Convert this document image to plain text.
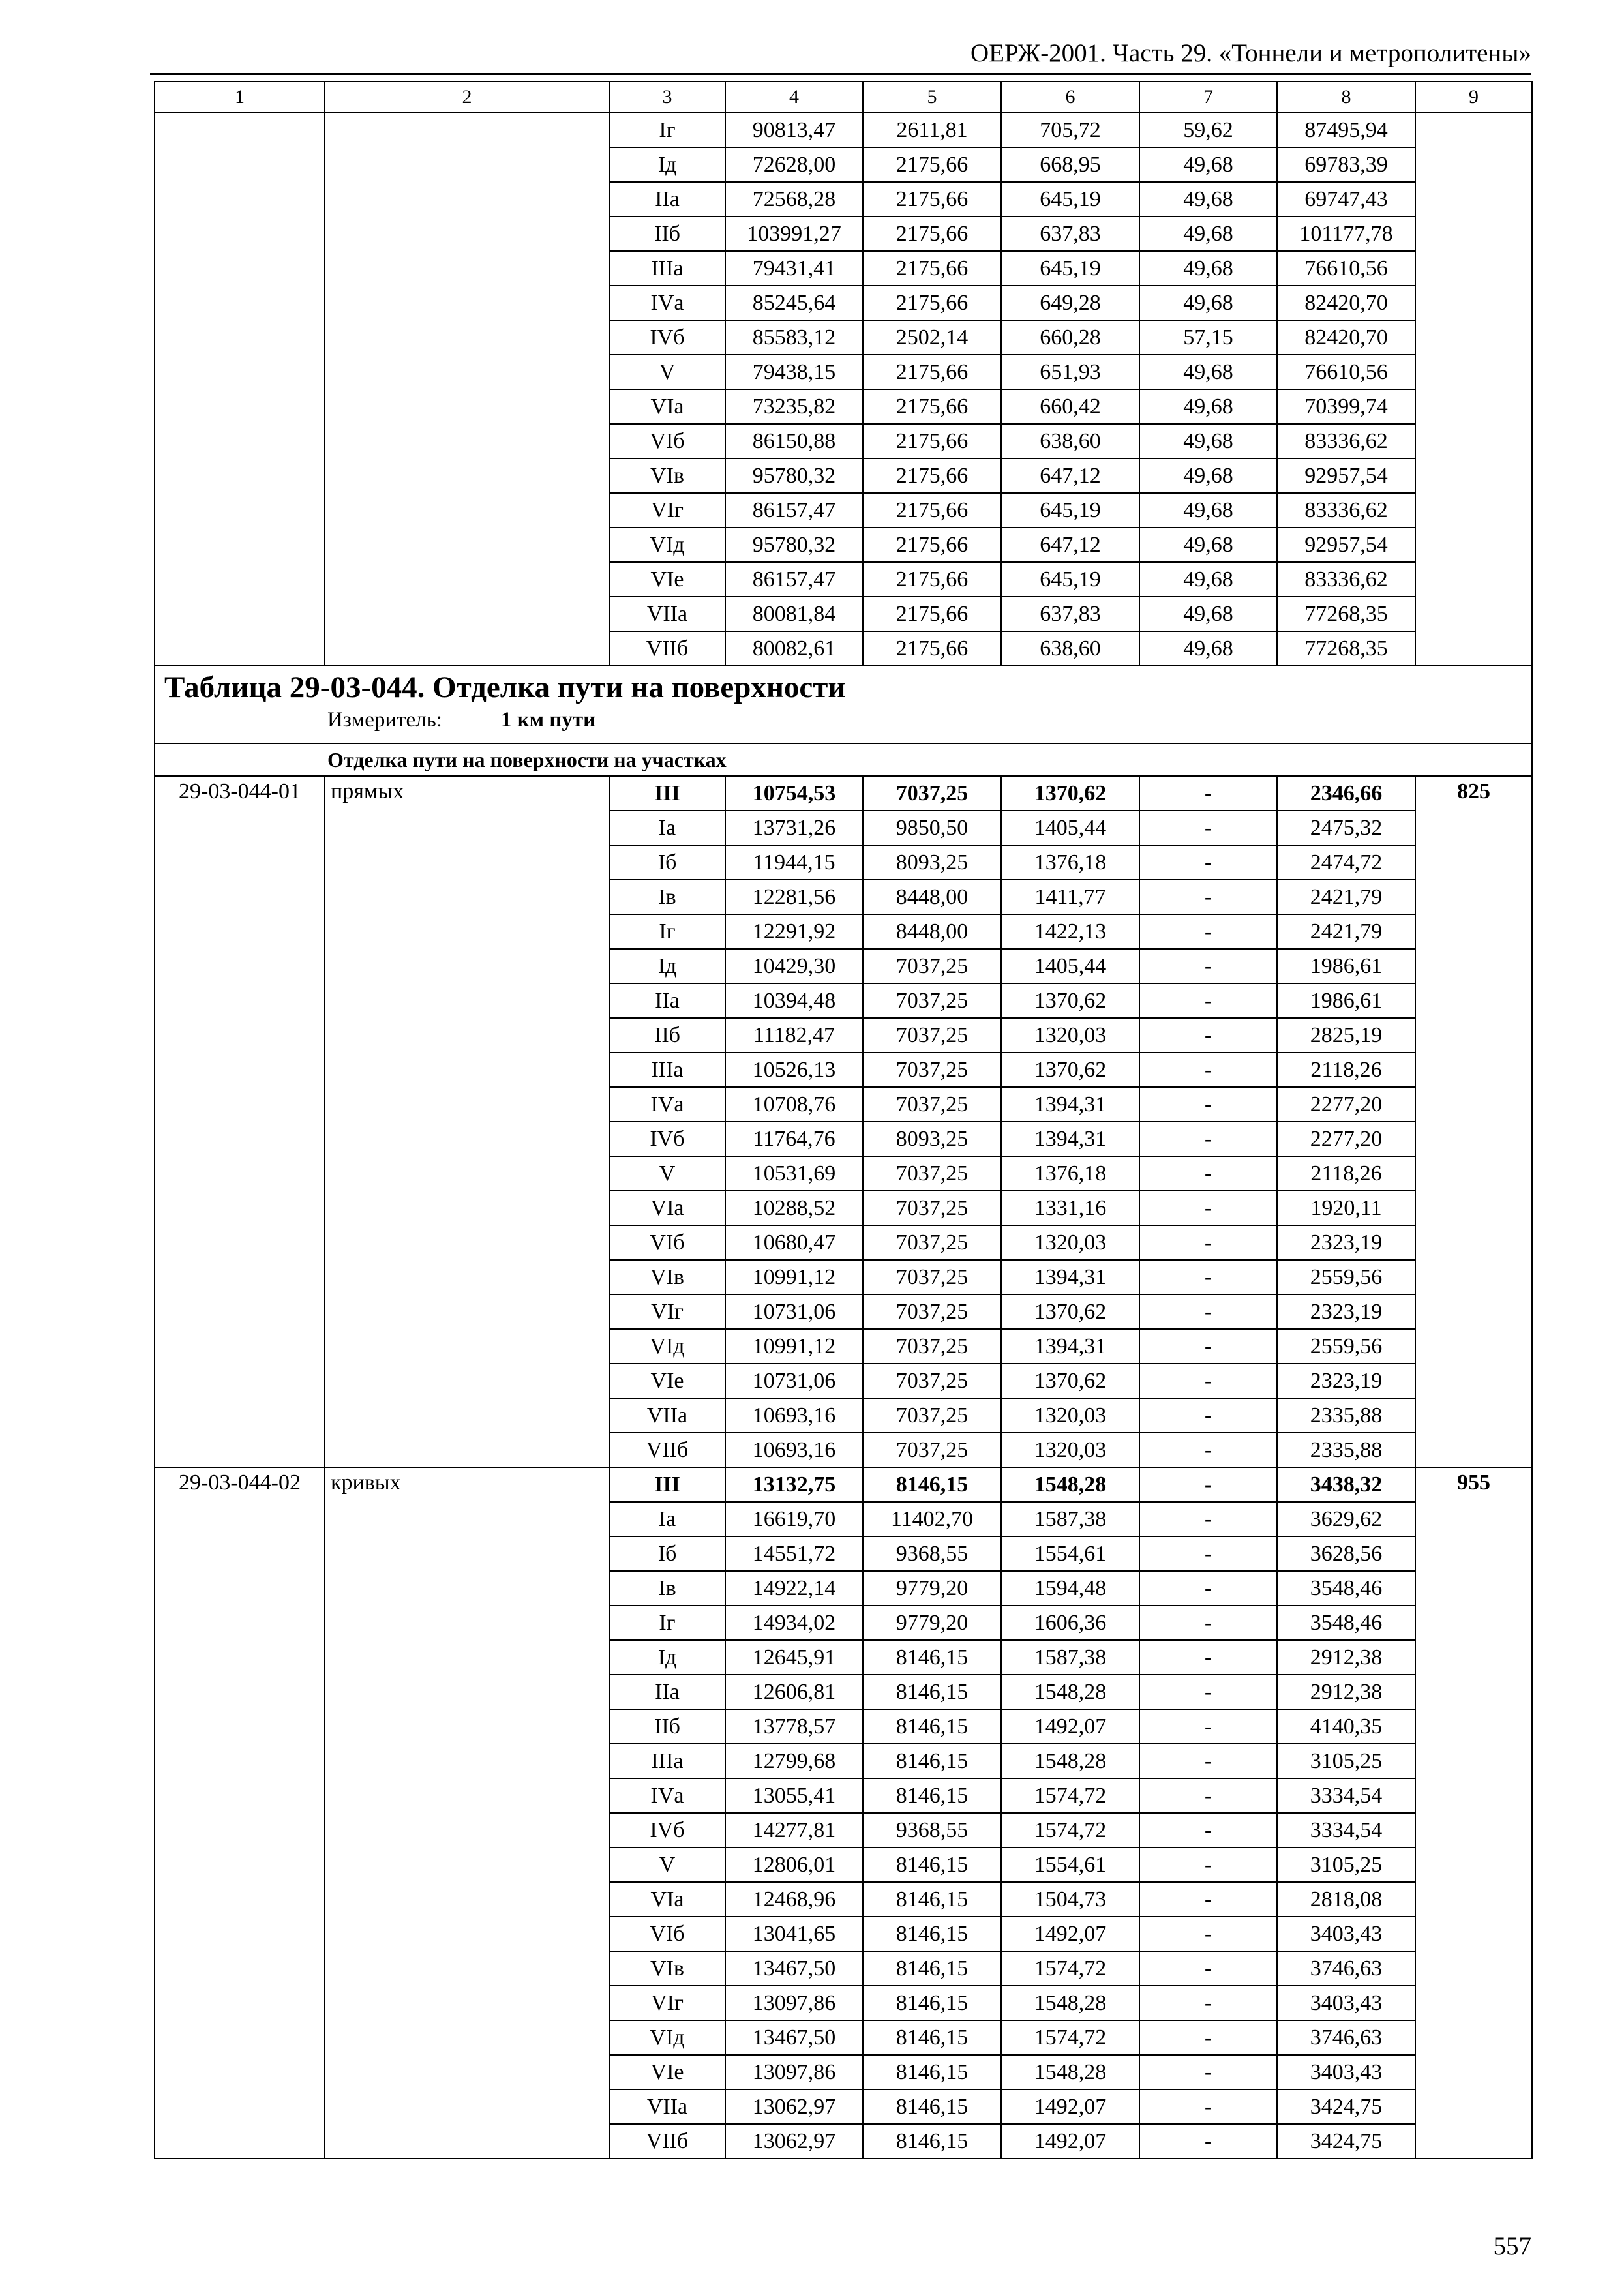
ОЕРЖ-2001. Часть 29. «Тоннели и метрополитены»
1	2	3	4	5	6	7	8	9
		Iг	90813,47	2611,81	705,72	59,62	87495,94	
		Iд	72628,00	2175,66	668,95	49,68	69783,39	
		IIа	72568,28	2175,66	645,19	49,68	69747,43	
		IIб	103991,27	2175,66	637,83	49,68	101177,78	
		IIIа	79431,41	2175,66	645,19	49,68	76610,56	
		IVа	85245,64	2175,66	649,28	49,68	82420,70	
		IVб	85583,12	2502,14	660,28	57,15	82420,70	
		V	79438,15	2175,66	651,93	49,68	76610,56	
		VIа	73235,82	2175,66	660,42	49,68	70399,74	
		VIб	86150,88	2175,66	638,60	49,68	83336,62	
		VIв	95780,32	2175,66	647,12	49,68	92957,54	
		VIг	86157,47	2175,66	645,19	49,68	83336,62	
		VIд	95780,32	2175,66	647,12	49,68	92957,54	
		VIе	86157,47	2175,66	645,19	49,68	83336,62	
		VIIа	80081,84	2175,66	637,83	49,68	77268,35	
		VIIб	80082,61	2175,66	638,60	49,68	77268,35	

Таблица 29-03-044. Отделка пути на поверхности
Измеритель: 1 км пути								

Отделка пути на поверхности на участках								
29-03-044-01	прямых	III	10754,53	7037,25	1370,62	-	2346,66	825
		Iа	13731,26	9850,50	1405,44	-	2475,32	
		Iб	11944,15	8093,25	1376,18	-	2474,72	
		Iв	12281,56	8448,00	1411,77	-	2421,79	
		Iг	12291,92	8448,00	1422,13	-	2421,79	
		Iд	10429,30	7037,25	1405,44	-	1986,61	
		IIа	10394,48	7037,25	1370,62	-	1986,61	
		IIб	11182,47	7037,25	1320,03	-	2825,19	
		IIIа	10526,13	7037,25	1370,62	-	2118,26	
		IVа	10708,76	7037,25	1394,31	-	2277,20	
		IVб	11764,76	8093,25	1394,31	-	2277,20	
		V	10531,69	7037,25	1376,18	-	2118,26	
		VIа	10288,52	7037,25	1331,16	-	1920,11	
		VIб	10680,47	7037,25	1320,03	-	2323,19	
		VIв	10991,12	7037,25	1394,31	-	2559,56	
		VIг	10731,06	7037,25	1370,62	-	2323,19	
		VIд	10991,12	7037,25	1394,31	-	2559,56	
		VIе	10731,06	7037,25	1370,62	-	2323,19	
		VIIа	10693,16	7037,25	1320,03	-	2335,88	
		VIIб	10693,16	7037,25	1320,03	-	2335,88	
29-03-044-02	кривых	III	13132,75	8146,15	1548,28	-	3438,32	955
		Iа	16619,70	11402,70	1587,38	-	3629,62	
		Iб	14551,72	9368,55	1554,61	-	3628,56	
		Iв	14922,14	9779,20	1594,48	-	3548,46	
		Iг	14934,02	9779,20	1606,36	-	3548,46	
		Iд	12645,91	8146,15	1587,38	-	2912,38	
		IIа	12606,81	8146,15	1548,28	-	2912,38	
		IIб	13778,57	8146,15	1492,07	-	4140,35	
		IIIа	12799,68	8146,15	1548,28	-	3105,25	
		IVа	13055,41	8146,15	1574,72	-	3334,54	
		IVб	14277,81	9368,55	1574,72	-	3334,54	
		V	12806,01	8146,15	1554,61	-	3105,25	
		VIа	12468,96	8146,15	1504,73	-	2818,08	
		VIб	13041,65	8146,15	1492,07	-	3403,43	
		VIв	13467,50	8146,15	1574,72	-	3746,63	
		VIг	13097,86	8146,15	1548,28	-	3403,43	
		VIд	13467,50	8146,15	1574,72	-	3746,63	
		VIе	13097,86	8146,15	1548,28	-	3403,43	
		VIIа	13062,97	8146,15	1492,07	-	3424,75	
		VIIб	13062,97	8146,15	1492,07	-	3424,75	
557
